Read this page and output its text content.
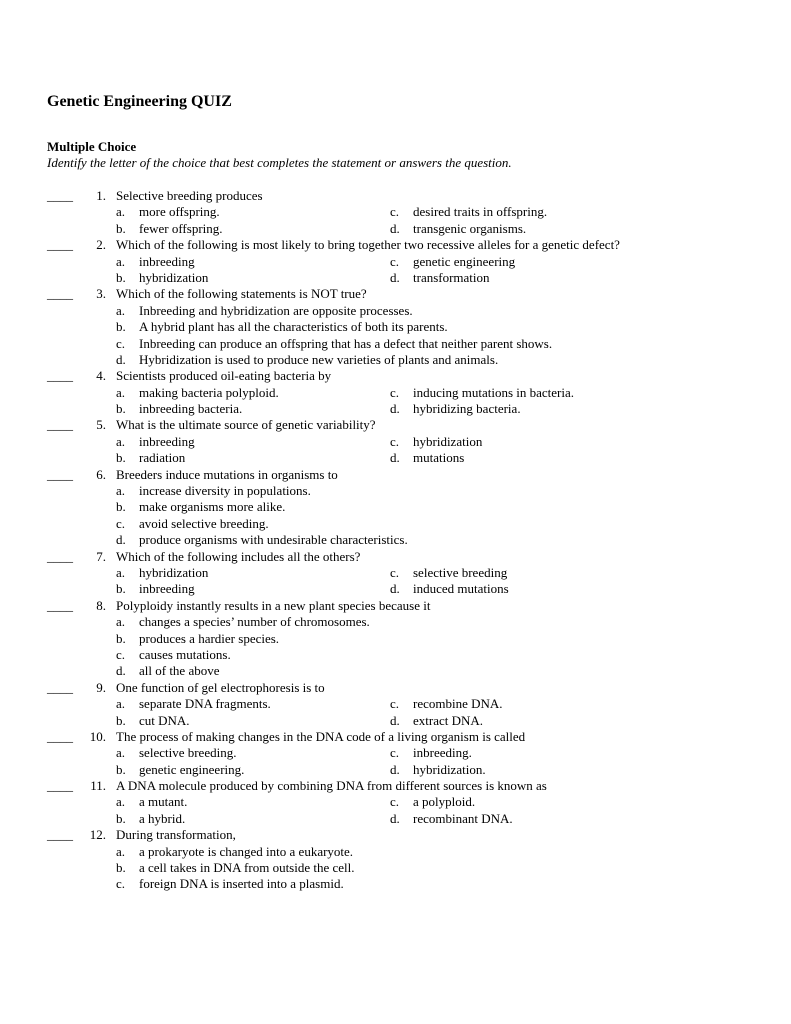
Genetic Engineering QUIZ
Multiple Choice
Identify the letter of the choice that best completes the statement or answers the question.
____	1. Selective breeding produces
a.	more offspring.	c.	desired traits in offspring.
b.	fewer offspring.	d.	transgenic organisms.
____	2. Which of the following is most likely to bring together two recessive alleles for a genetic defect?
a.	inbreeding	c.	genetic engineering
b.	hybridization	d.	transformation
____	3. Which of the following statements is NOT true?
a.	Inbreeding and hybridization are opposite processes.
b.	A hybrid plant has all the characteristics of both its parents.
c.	Inbreeding can produce an offspring that has a defect that neither parent shows.
d.	Hybridization is used to produce new varieties of plants and animals.
____	4. Scientists produced oil-eating bacteria by
a.	making bacteria polyploid.	c.	inducing mutations in bacteria.
b.	inbreeding bacteria.	d.	hybridizing bacteria.
____	5. What is the ultimate source of genetic variability?
a.	inbreeding	c.	hybridization
b.	radiation	d.	mutations
____	6. Breeders induce mutations in organisms to
a.	increase diversity in populations.
b.	make organisms more alike.
c.	avoid selective breeding.
d.	produce organisms with undesirable characteristics.
____	7. Which of the following includes all the others?
a.	hybridization	c.	selective breeding
b.	inbreeding	d.	induced mutations
____	8. Polyploidy instantly results in a new plant species because it
a.	changes a species’ number of chromosomes.
b.	produces a hardier species.
c.	causes mutations.
d.	all of the above
____	9. One function of gel electrophoresis is to
a.	separate DNA fragments.	c.	recombine DNA.
b.	cut DNA.	d.	extract DNA.
____	10. The process of making changes in the DNA code of a living organism is called
a.	selective breeding.	c.	inbreeding.
b.	genetic engineering.	d.	hybridization.
____	11. A DNA molecule produced by combining DNA from different sources is known as
a.	a mutant.	c.	a polyploid.
b.	a hybrid.	d.	recombinant DNA.
____	12. During transformation,
a.	a prokaryote is changed into a eukaryote.
b.	a cell takes in DNA from outside the cell.
c.	foreign DNA is inserted into a plasmid.
